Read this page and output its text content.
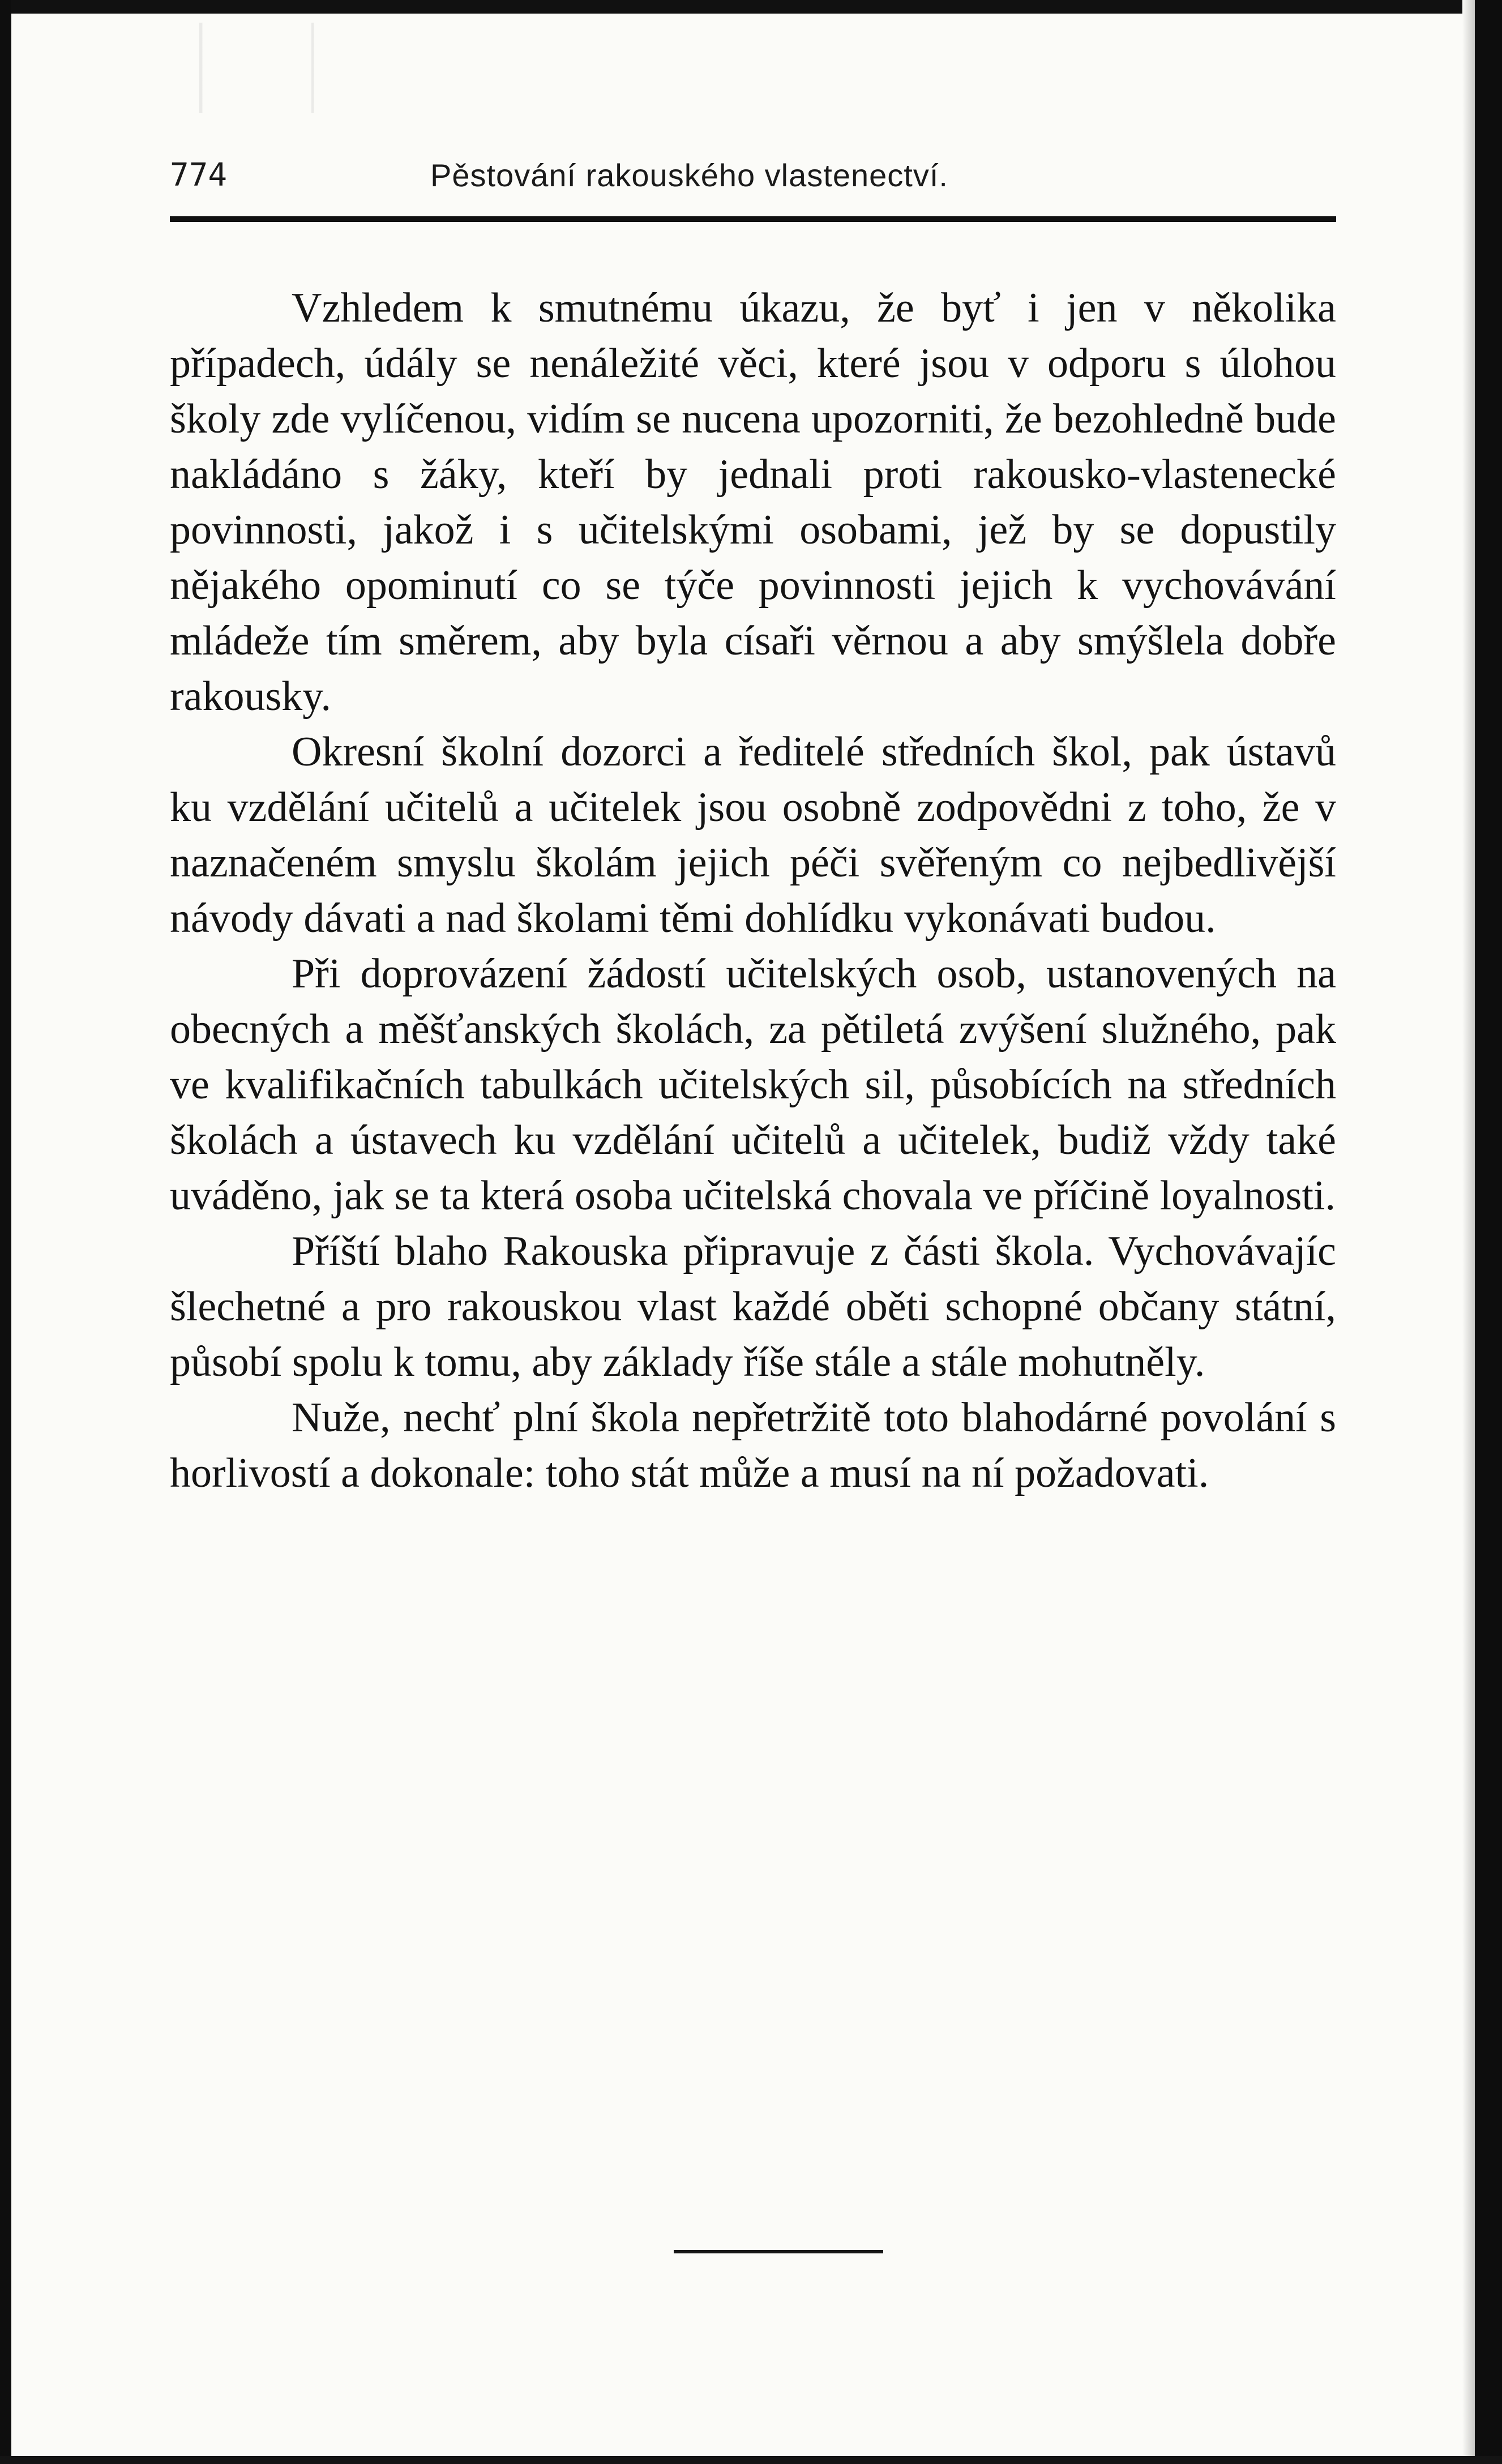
774	Pěstování rakouského vlastenectví.

Vzhledem k smutnému úkazu, že byť i jen v několika případech, údály se nenáležité věci, které jsou v odporu s úlohou školy zde vylíčenou, vidím se nucena upozorniti, že bezohledně bude nakládáno s žáky, kteří by jednali proti rakousko-vlastenecké povinnosti, jakož i s učitelskými osobami, jež by se dopustily nějakého opominutí co se týče povinnosti jejich k vychovávání mládeže tím směrem, aby byla císaři věrnou a aby smýšlela dobře rakousky.

Okresní školní dozorci a ředitelé středních škol, pak ústavů ku vzdělání učitelů a učitelek jsou osobně zodpovědni z toho, že v naznačeném smyslu školám jejich péči svěřeným co nejbedlivější návody dávati a nad školami těmi dohlídku vykonávati budou.

Při doprovázení žádostí učitelských osob, ustanovených na obecných a měšťanských školách, za pětiletá zvýšení služného, pak ve kvalifikačních tabulkách učitelských sil, působících na středních školách a ústavech ku vzdělání učitelů a učitelek, budiž vždy také uváděno, jak se ta která osoba učitelská chovala ve příčině loyalnosti.

Příští blaho Rakouska připravuje z části škola. Vychovávajíc šlechetné a pro rakouskou vlast každé oběti schopné občany státní, působí spolu k tomu, aby základy říše stále a stále mohutněly.

Nuže, nechť plní škola nepřetržitě toto blahodárné povolání s horlivostí a dokonale: toho stát může a musí na ní požadovati.
